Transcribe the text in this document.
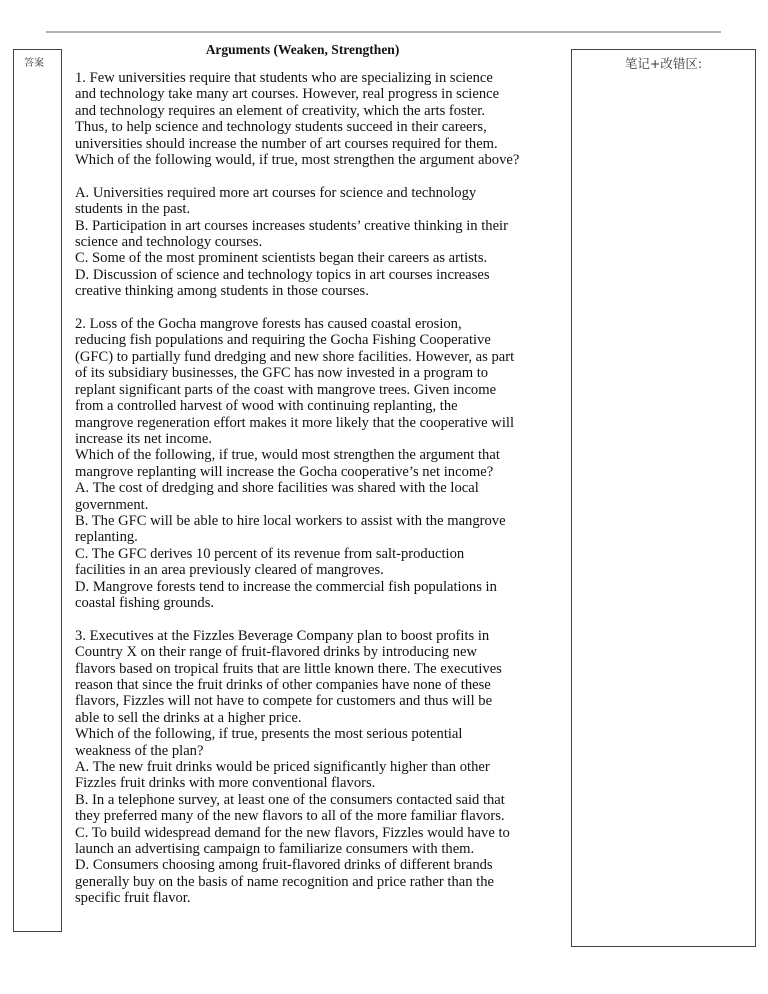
答案	笔记+改错区:
Arguments (Weaken, Strengthen)
1. Few universities require that students who are specializing in science
and technology take many art courses. However, real progress in science
and technology requires an element of creativity, which the arts foster.
Thus, to help science and technology students succeed in their careers,
universities should increase the number of art courses required for them.
Which of the following would, if true, most strengthen the argument above?
A. Universities required more art courses for science and technology
students in the past.
B. Participation in art courses increases students’ creative thinking in their
science and technology courses.
C. Some of the most prominent scientists began their careers as artists.
D. Discussion of science and technology topics in art courses increases
creative thinking among students in those courses.
2. Loss of the Gocha mangrove forests has caused coastal erosion,
reducing fish populations and requiring the Gocha Fishing Cooperative
(GFC) to partially fund dredging and new shore facilities. However, as part
of its subsidiary businesses, the GFC has now invested in a program to
replant significant parts of the coast with mangrove trees. Given income
from a controlled harvest of wood with continuing replanting, the
mangrove regeneration effort makes it more likely that the cooperative will
increase its net income.
Which of the following, if true, would most strengthen the argument that
mangrove replanting will increase the Gocha cooperative’s net income?
A. The cost of dredging and shore facilities was shared with the local
government.
B. The GFC will be able to hire local workers to assist with the mangrove
replanting.
C. The GFC derives 10 percent of its revenue from salt-production
facilities in an area previously cleared of mangroves.
D. Mangrove forests tend to increase the commercial fish populations in
coastal fishing grounds.
3. Executives at the Fizzles Beverage Company plan to boost profits in
Country X on their range of fruit-flavored drinks by introducing new
flavors based on tropical fruits that are little known there. The executives
reason that since the fruit drinks of other companies have none of these
flavors, Fizzles will not have to compete for customers and thus will be
able to sell the drinks at a higher price.
Which of the following, if true, presents the most serious potential
weakness of the plan?
A. The new fruit drinks would be priced significantly higher than other
Fizzles fruit drinks with more conventional flavors.
B. In a telephone survey, at least one of the consumers contacted said that
they preferred many of the new flavors to all of the more familiar flavors.
C. To build widespread demand for the new flavors, Fizzles would have to
launch an advertising campaign to familiarize consumers with them.
D. Consumers choosing among fruit-flavored drinks of different brands
generally buy on the basis of name recognition and price rather than the
specific fruit flavor.
